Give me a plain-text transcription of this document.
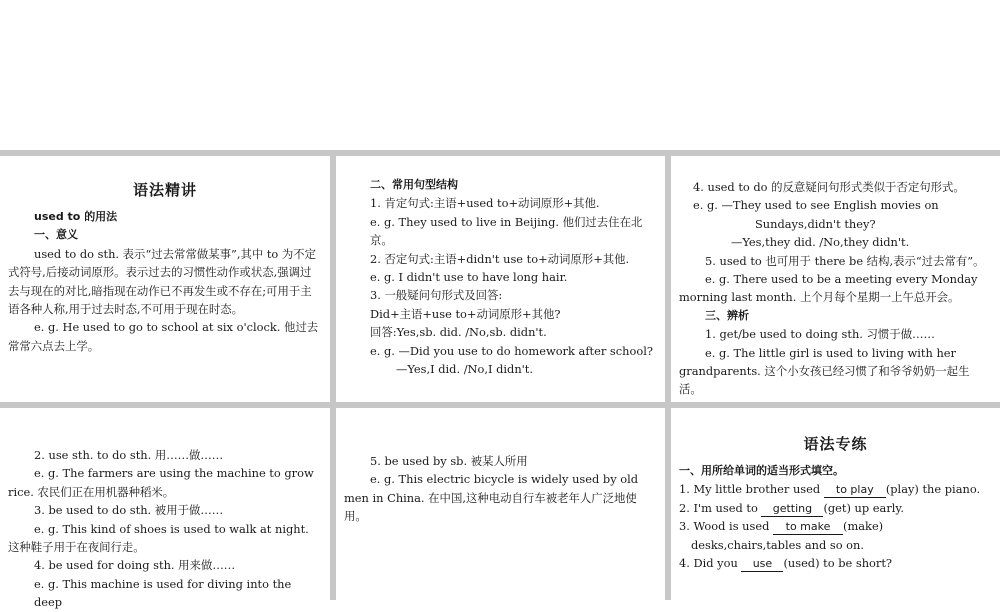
语法精讲
used to 的用法
一、意义
used to do sth. 表示“过去常常做某事”,其中 to 为不定式符号,后接动词原形。表示过去的习惯性动作或状态,强调过去与现在的对比,暗指现在动作已不再发生或不存在;可用于主语各种人称,用于过去时态,不可用于现在时态。
e. g. He used to go to school at six o'clock. 他过去常常六点去上学。
二、常用句型结构
1. 肯定句式:主语+used to+动词原形+其他.
e. g. They used to live in Beijing. 他们过去住在北京。
2. 否定句式:主语+didn't use to+动词原形+其他.
e. g. I didn't use to have long hair.
3. 一般疑问句形式及回答:
Did+主语+use to+动词原形+其他?
回答:Yes,sb. did. /No,sb. didn't.
e. g. —Did you use to do homework after school?
—Yes,I did. /No,I didn't.
4. used to do 的反意疑问句形式类似于否定句形式。
e. g. —They used to see English movies on Sundays,didn't they?
—Yes,they did. /No,they didn't.
5. used to 也可用于 there be 结构,表示“过去常有”。
e. g. There used to be a meeting every Monday morning last month. 上个月每个星期一上午总开会。
三、辨析
1. get/be used to doing sth. 习惯于做……
e. g. The little girl is used to living with her grandparents. 这个小女孩已经习惯了和爷爷奶奶一起生活。
2. use sth. to do sth. 用……做……
e. g. The farmers are using the machine to grow rice. 农民们正在用机器种稻米。
3. be used to do sth. 被用于做……
e. g. This kind of shoes is used to walk at night. 这种鞋子用于在夜间行走。
4. be used for doing sth. 用来做……
e. g. This machine is used for diving into the deep
5. be used by sb. 被某人所用
e. g. This electric bicycle is widely used by old men in China. 在中国,这种电动自行车被老年人广泛地使用。
语法专练
一、用所给单词的适当形式填空。
1. My little brother used to play (play) the piano.
2. I'm used to getting (get) up early.
3. Wood is used to make (make) desks,chairs,tables and so on.
4. Did you use (used) to be short?
